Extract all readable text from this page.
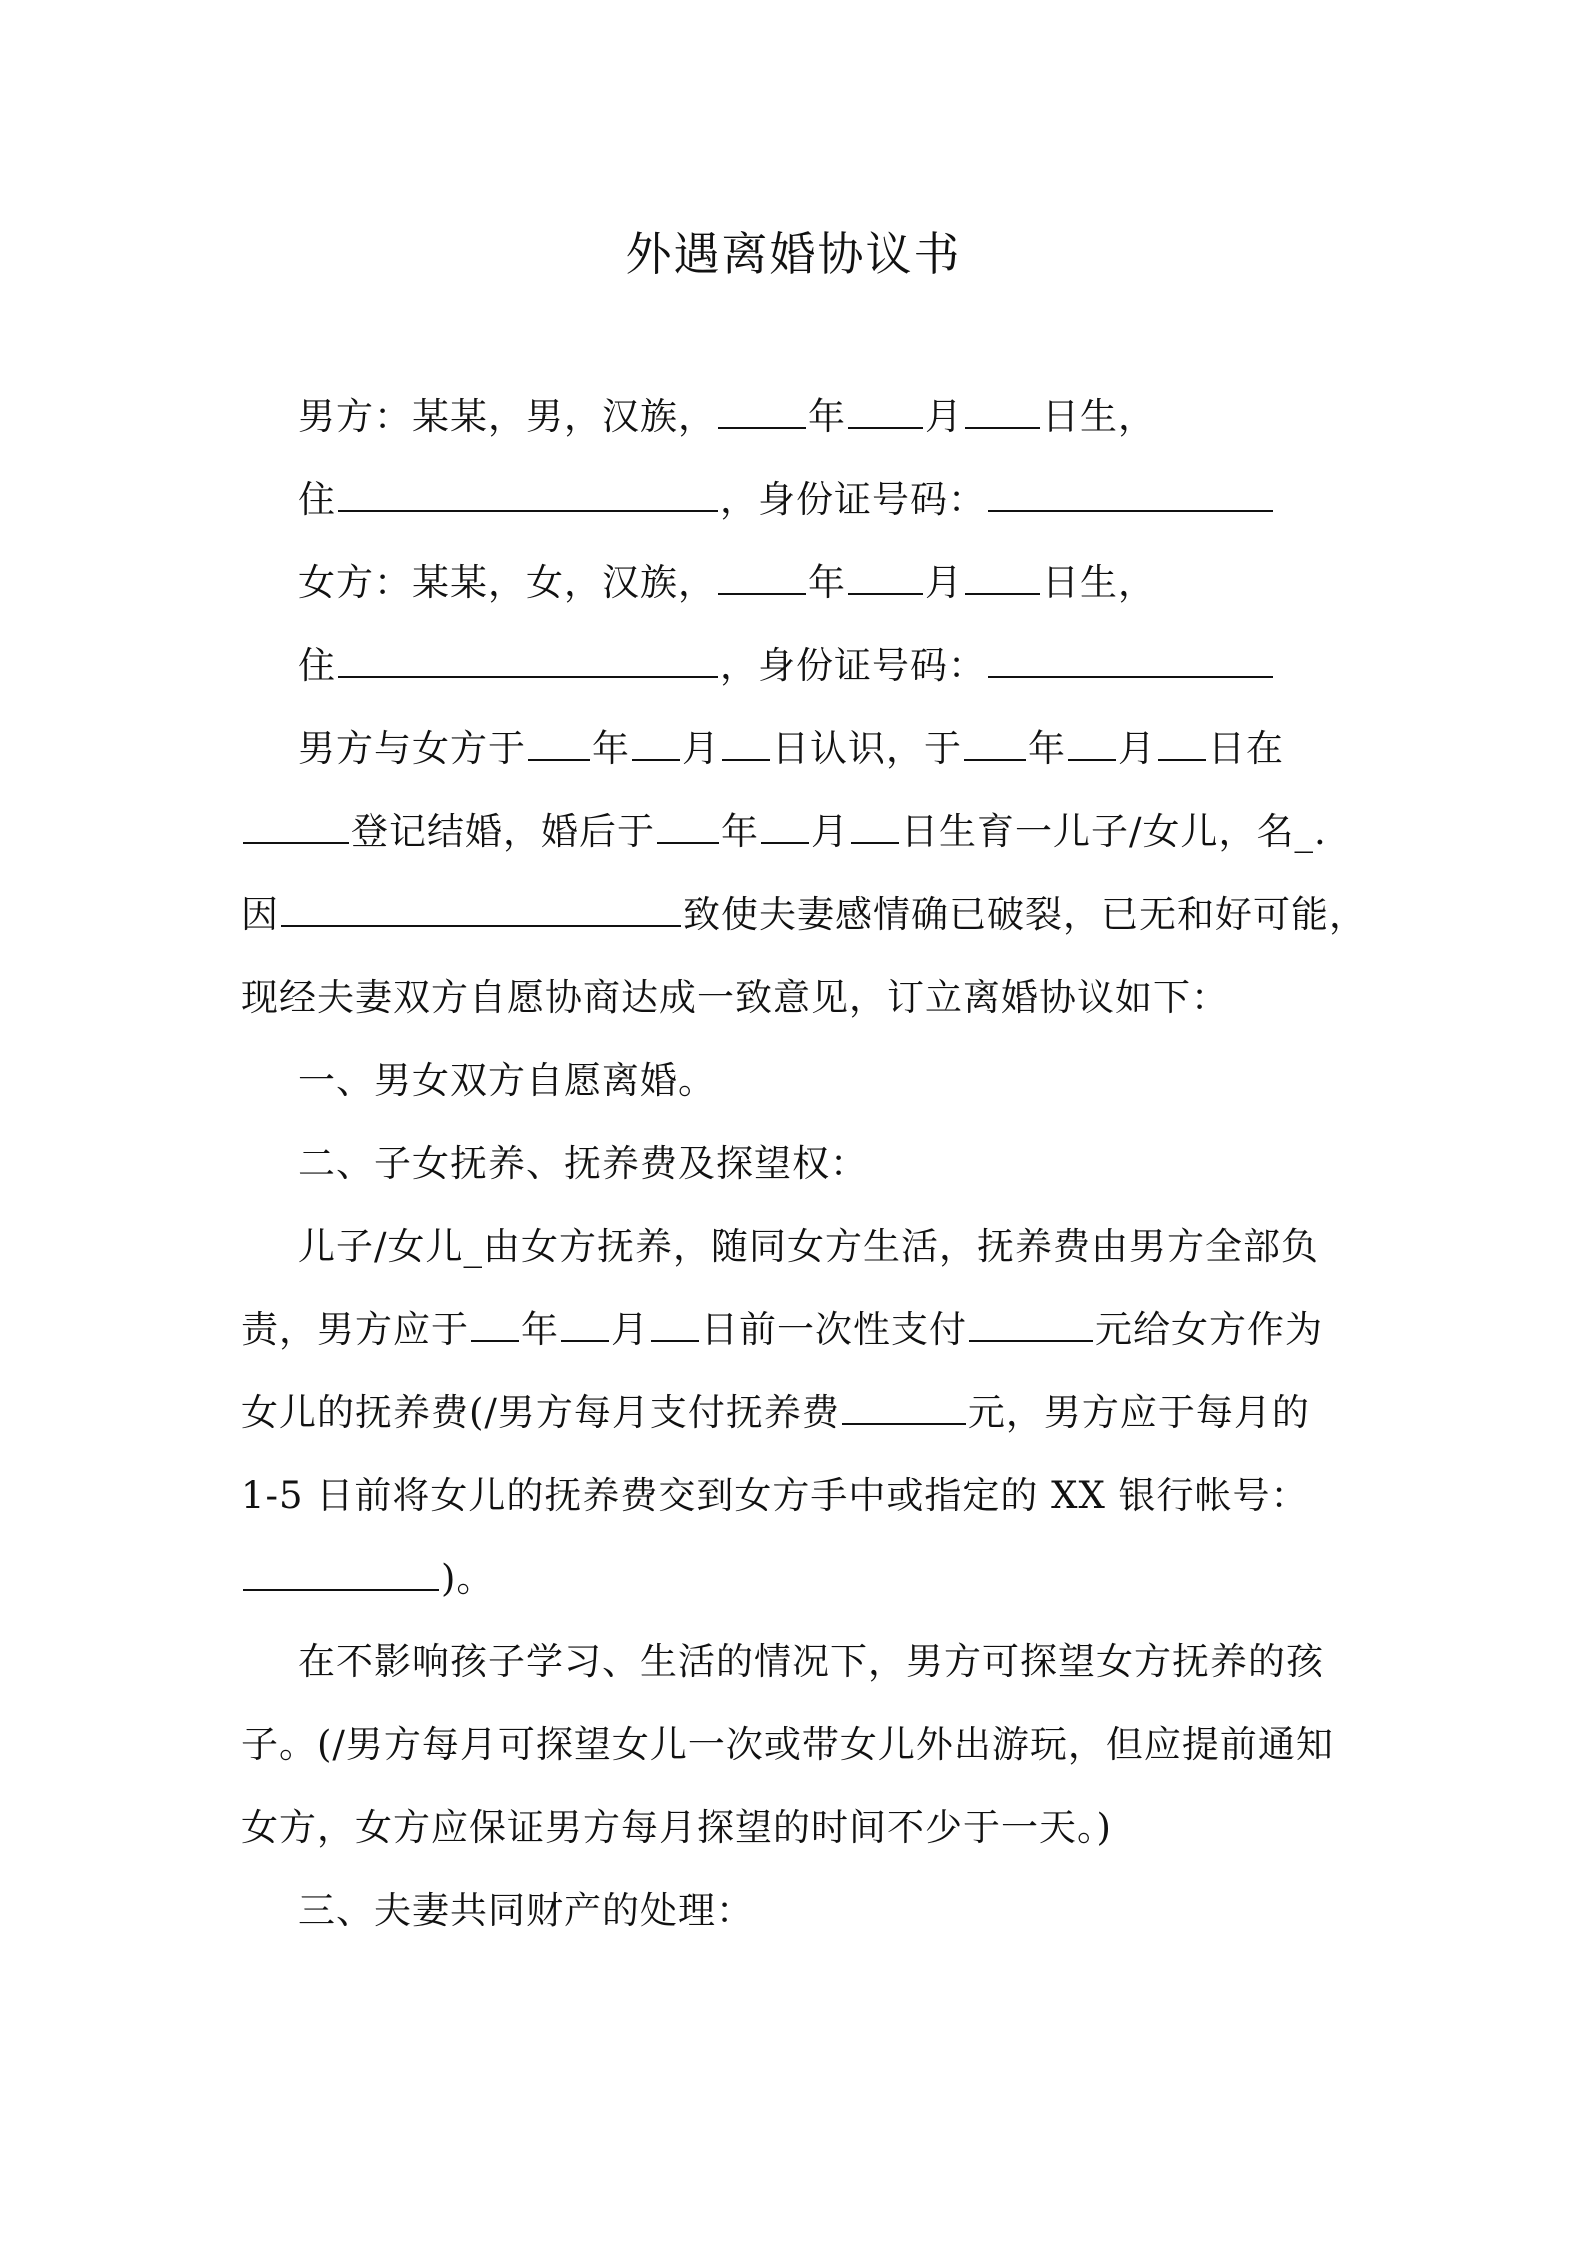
外遇离婚协议书
男方：某某，男，汉族， 年 月 日生，
住	，身份证号码：
女方：某某，女，汉族， 年 月 日生，
住	，身份证号码：
男方与女方于 年 月 日认识，于 年 月 日在
登记结婚，婚后于 年 月 日生育一儿子/女儿，名_.
因	致使夫妻感情确已破裂，已无和好可能，
现经夫妻双方自愿协商达成一致意见，订立离婚协议如下：
一、男女双方自愿离婚。
二、子女抚养、抚养费及探望权：
儿子/女儿_由女方抚养，随同女方生活，抚养费由男方全部负
责，男方应于 年 月 日前一次性支付	元给女方作为
女儿的抚养费(/男方每月支付抚养费	元，男方应于每月的
1-5 日前将女儿的抚养费交到女方手中或指定的 XX 银行帐号：
)。
在不影响孩子学习、生活的情况下，男方可探望女方抚养的孩
子。(/男方每月可探望女儿一次或带女儿外出游玩，但应提前通知
女方，女方应保证男方每月探望的时间不少于一天。)
三、夫妻共同财产的处理：
